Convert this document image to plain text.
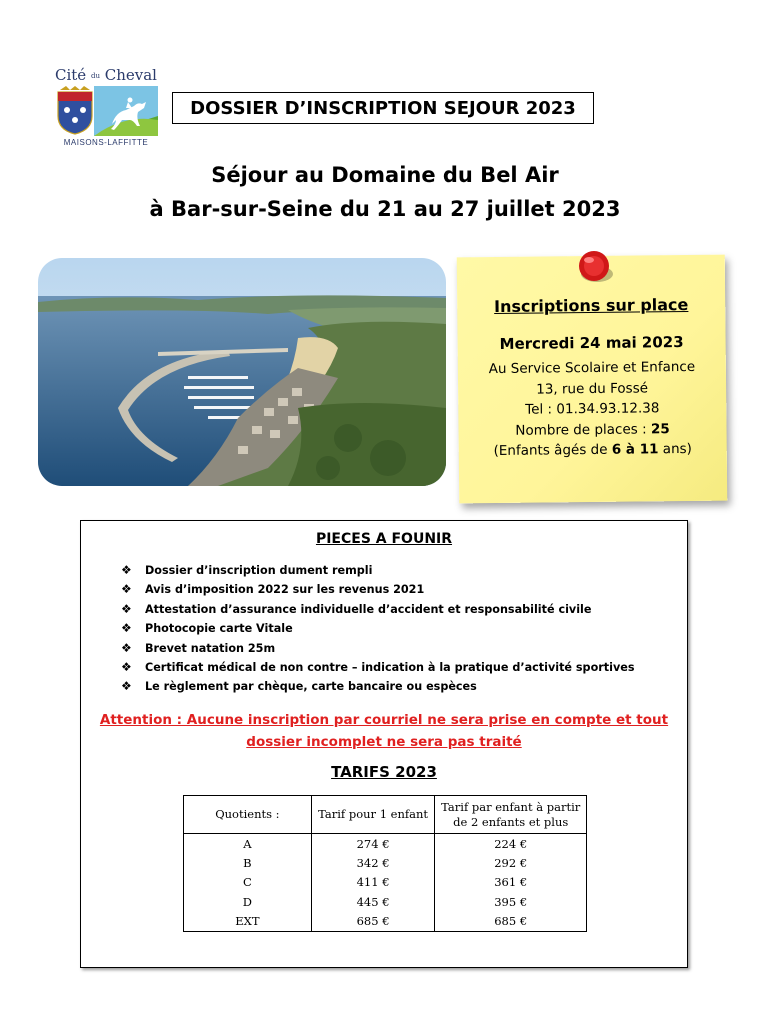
Cité du Cheval
MAISONS-LAFFITTE
DOSSIER D’INSCRIPTION SEJOUR 2023
Séjour au Domaine du Bel Air
à Bar-sur-Seine du 21 au 27 juillet 2023
Inscriptions sur place
Mercredi 24 mai 2023
Au Service Scolaire et Enfance
13, rue du Fossé
Tel : 01.34.93.12.38
Nombre de places : 25
(Enfants âgés de 6 à 11 ans)
PIECES A FOUNIR
❖	Dossier d’inscription dument rempli
❖	Avis d’imposition 2022 sur les revenus 2021
❖	Attestation d’assurance individuelle d’accident et responsabilité civile
❖	Photocopie carte Vitale
❖	Brevet natation 25m
❖	Certificat médical de non contre – indication à la pratique d’activité sportives
❖	Le règlement par chèque, carte bancaire ou espèces
Attention : Aucune inscription par courriel ne sera prise en compte et tout
dossier incomplet ne sera pas traité
TARIFS 2023
Quotients :	Tarif pour 1 enfant	Tarif par enfant à partir de 2 enfants et plus
A	274 €	224 €
B	342 €	292 €
C	411 €	361 €
D	445 €	395 €
EXT	685 €	685 €
